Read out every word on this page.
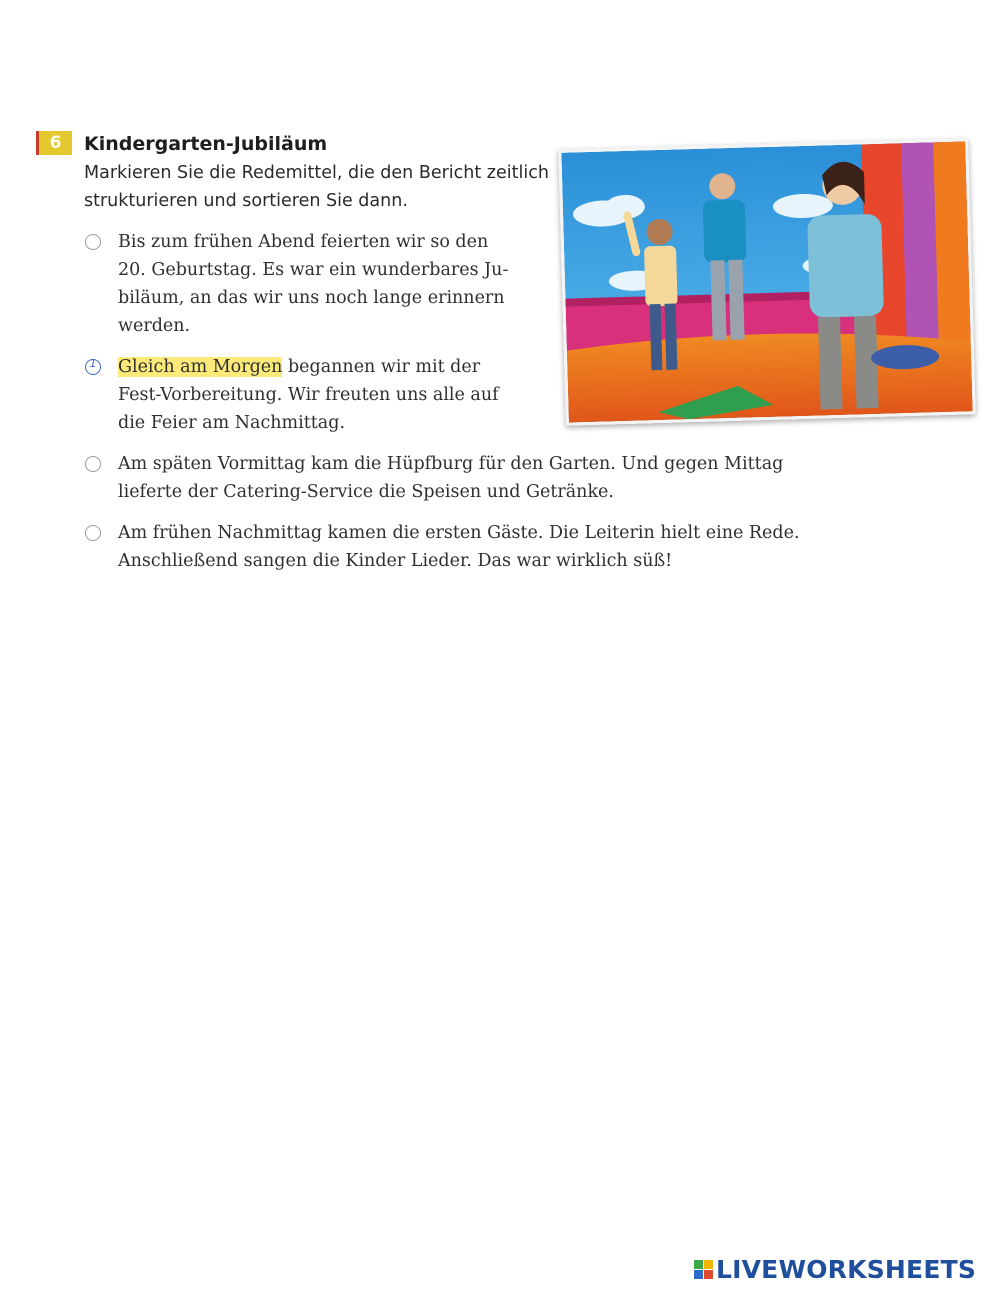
6	Kindergarten-Jubiläum
Markieren Sie die Redemittel, die den Bericht zeitlich strukturieren und sortieren Sie dann.
Bis zum frühen Abend feierten wir so den
20. Geburtstag. Es war ein wunderbares Ju-
biläum, an das wir uns noch lange erinnern
werden.
1 Gleich am Morgen begannen wir mit der
Fest-Vorbereitung. Wir freuten uns alle auf
die Feier am Nachmittag.
Am späten Vormittag kam die Hüpfburg für den Garten. Und gegen Mittag
lieferte der Catering-Service die Speisen und Getränke.
Am frühen Nachmittag kamen die ersten Gäste. Die Leiterin hielt eine Rede.
Anschließend sangen die Kinder Lieder. Das war wirklich süß!
LIVEWORKSHEETS
